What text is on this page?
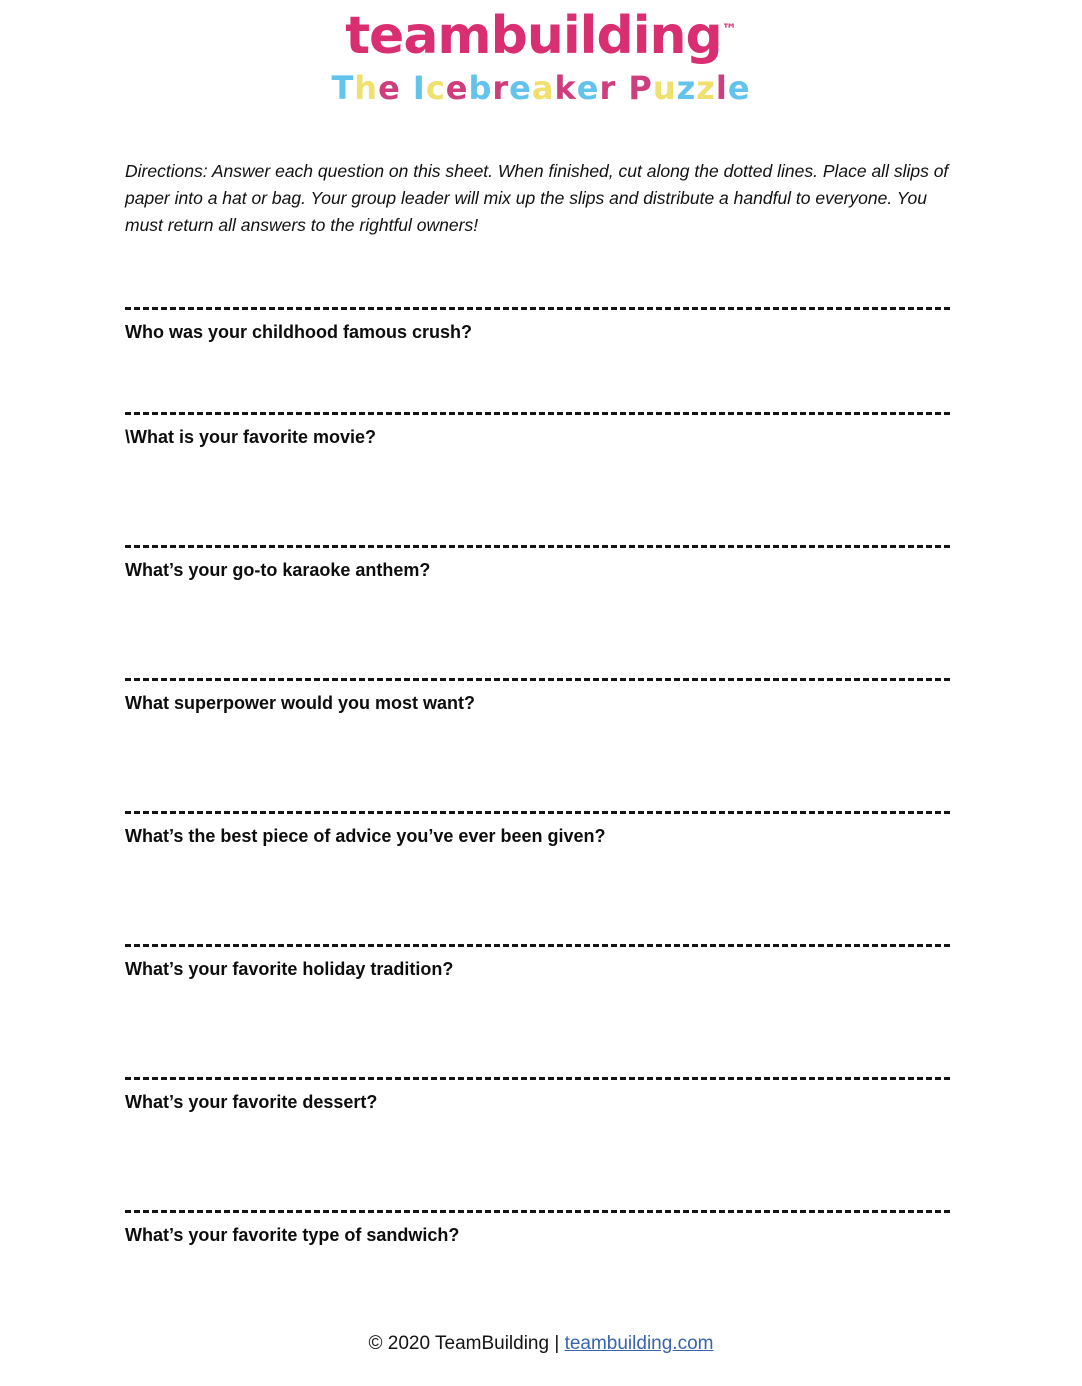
teambuilding™
The Icebreaker Puzzle

Directions: Answer each question on this sheet. When finished, cut along the dotted lines. Place all slips of paper into a hat or bag. Your group leader will mix up the slips and distribute a handful to everyone. You must return all answers to the rightful owners!

Who was your childhood famous crush?
\What is your favorite movie?
What’s your go-to karaoke anthem?
What superpower would you most want?
What’s the best piece of advice you’ve ever been given?
What’s your favorite holiday tradition?
What’s your favorite dessert?
What’s your favorite type of sandwich?
© 2020 TeamBuilding | teambuilding.com
